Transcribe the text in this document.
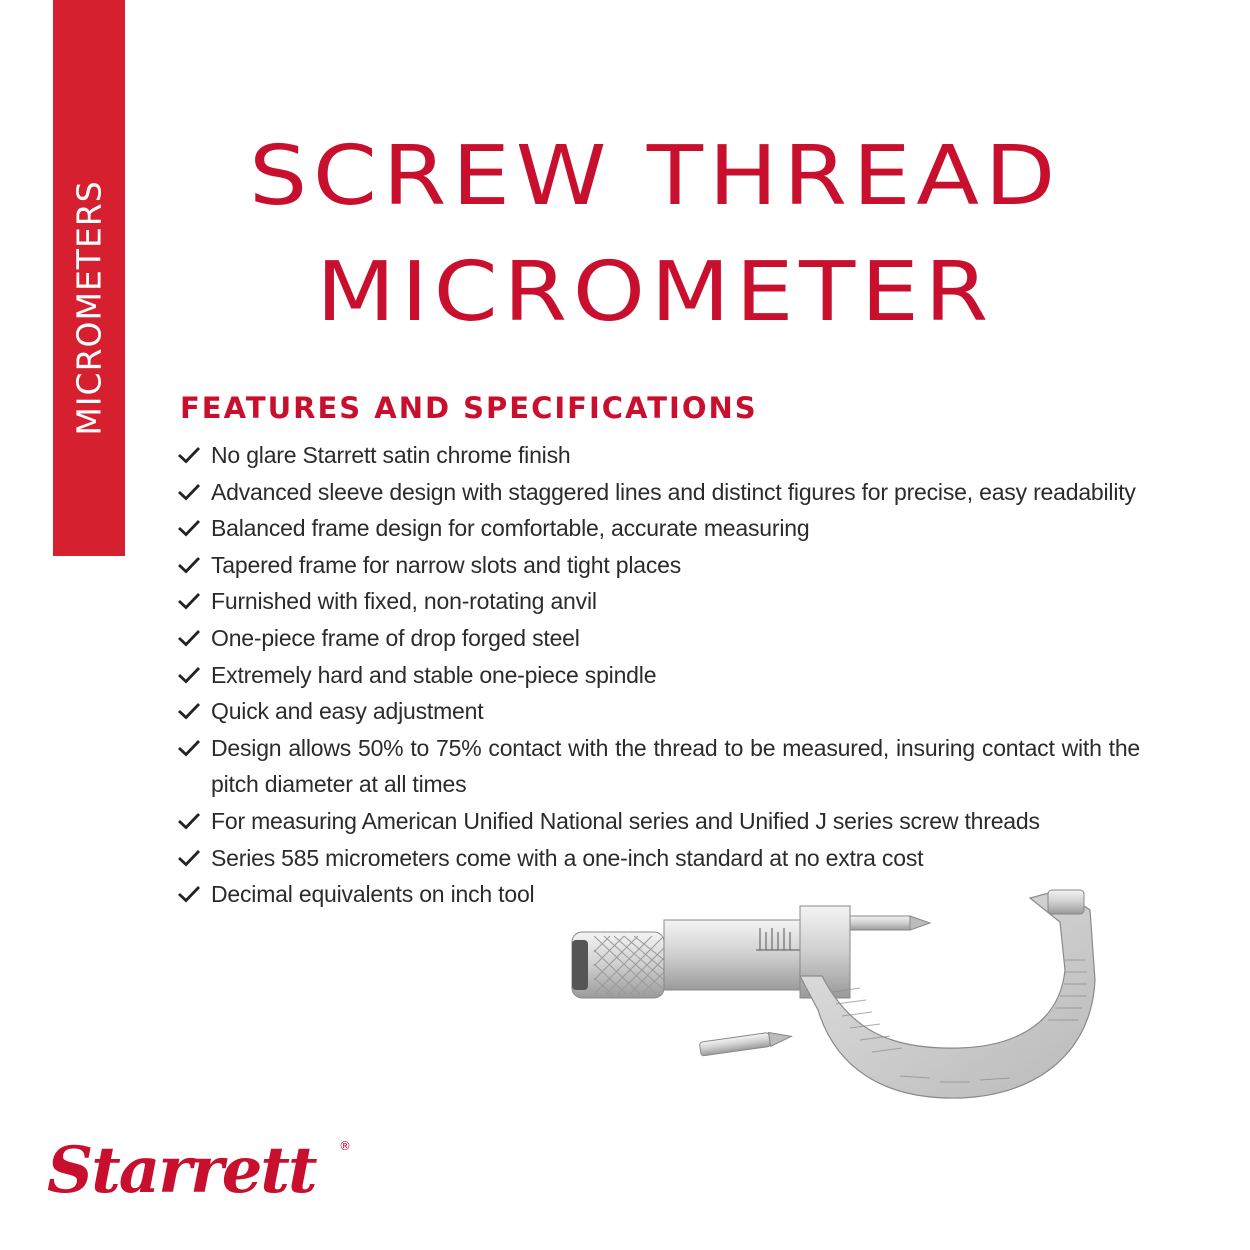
MICROMETERS
SCREW THREAD
MICROMETER
FEATURES AND SPECIFICATIONS
No glare Starrett satin chrome finish
Advanced sleeve design with staggered lines and distinct figures for precise, easy readability
Balanced frame design for comfortable, accurate measuring
Tapered frame for narrow slots and tight places
Furnished with fixed, non-rotating anvil
One-piece frame of drop forged steel
Extremely hard and stable one-piece spindle
Quick and easy adjustment
Design allows 50% to 75% contact with the thread to be measured, insuring contact with the pitch diameter at all times
For measuring American Unified National series and Unified J series screw threads
Series 585 micrometers come with a one-inch standard at no extra cost
Decimal equivalents on inch tool
Starrett ®
